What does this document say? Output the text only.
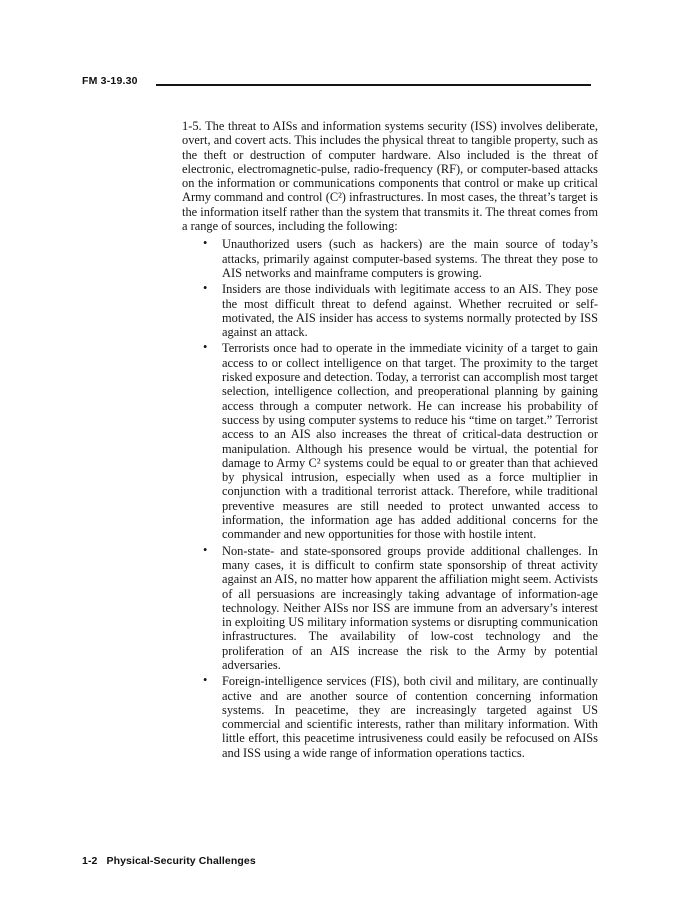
FM 3-19.30

1-5. The threat to AISs and information systems security (ISS) involves deliberate, overt, and covert acts. This includes the physical threat to tangible property, such as the theft or destruction of computer hardware. Also included is the threat of electronic, electromagnetic-pulse, radio-frequency (RF), or computer-based attacks on the information or communications components that control or make up critical Army command and control (C²) infrastructures. In most cases, the threat’s target is the information itself rather than the system that transmits it. The threat comes from a range of sources, including the following:

• Unauthorized users (such as hackers) are the main source of today’s attacks, primarily against computer-based systems. The threat they pose to AIS networks and mainframe computers is growing.
• Insiders are those individuals with legitimate access to an AIS. They pose the most difficult threat to defend against. Whether recruited or self-motivated, the AIS insider has access to systems normally protected by ISS against an attack.
• Terrorists once had to operate in the immediate vicinity of a target to gain access to or collect intelligence on that target. The proximity to the target risked exposure and detection. Today, a terrorist can accomplish most target selection, intelligence collection, and preoperational planning by gaining access through a computer network. He can increase his probability of success by using computer systems to reduce his “time on target.” Terrorist access to an AIS also increases the threat of critical-data destruction or manipulation. Although his presence would be virtual, the potential for damage to Army C² systems could be equal to or greater than that achieved by physical intrusion, especially when used as a force multiplier in conjunction with a traditional terrorist attack. Therefore, while traditional preventive measures are still needed to protect unwanted access to information, the information age has added additional concerns for the commander and new opportunities for those with hostile intent.
• Non-state- and state-sponsored groups provide additional challenges. In many cases, it is difficult to confirm state sponsorship of threat activity against an AIS, no matter how apparent the affiliation might seem. Activists of all persuasions are increasingly taking advantage of information-age technology. Neither AISs nor ISS are immune from an adversary’s interest in exploiting US military information systems or disrupting communication infrastructures. The availability of low-cost technology and the proliferation of an AIS increase the risk to the Army by potential adversaries.
• Foreign-intelligence services (FIS), both civil and military, are continually active and are another source of contention concerning information systems. In peacetime, they are increasingly targeted against US commercial and scientific interests, rather than military information. With little effort, this peacetime intrusiveness could easily be refocused on AISs and ISS using a wide range of information operations tactics.
1-2 Physical-Security Challenges
